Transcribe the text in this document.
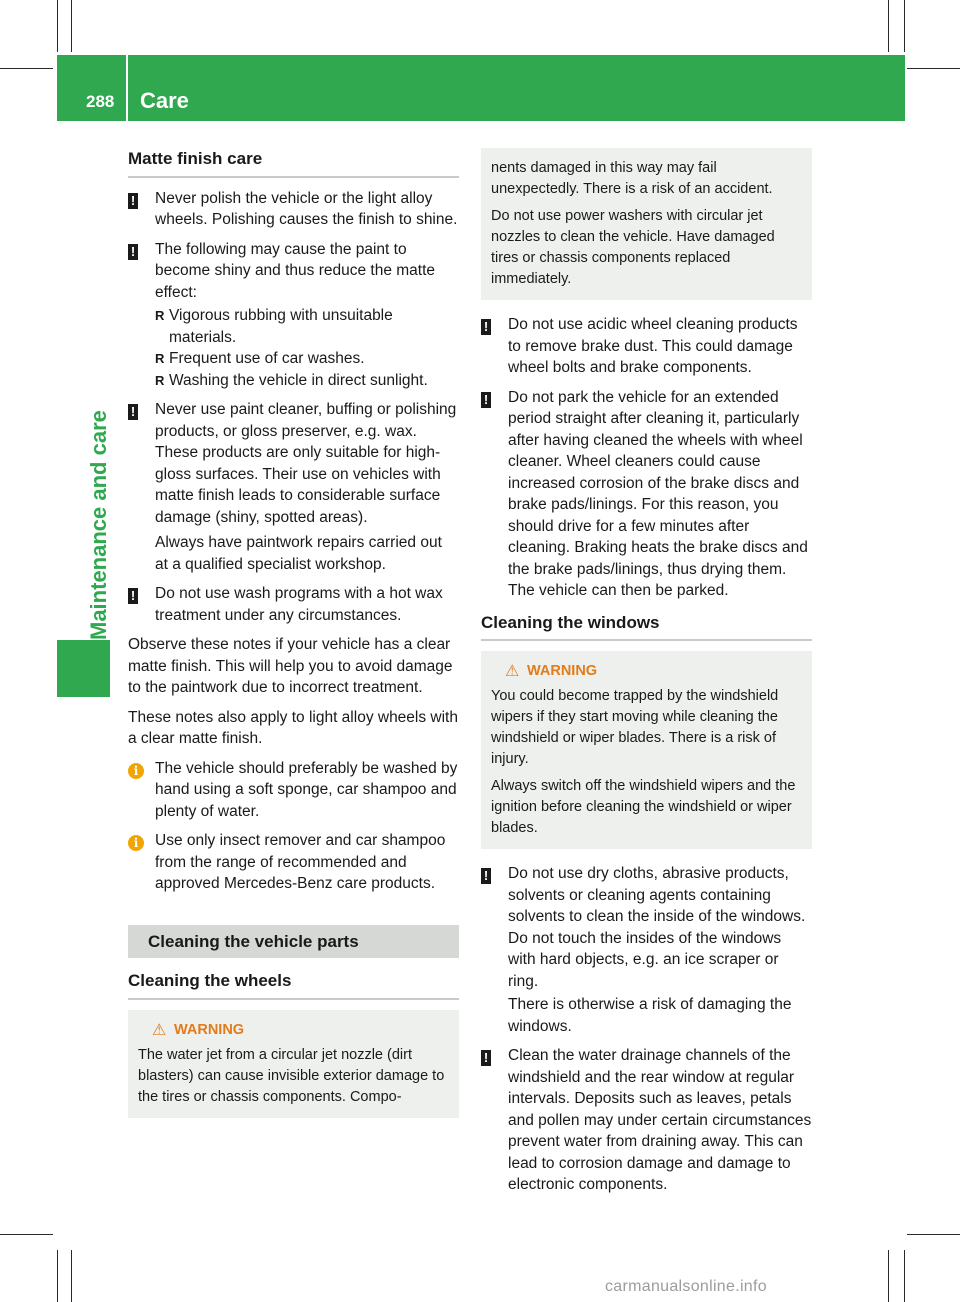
288 Care
Maintenance and care
Matte finish care
! Never polish the vehicle or the light alloy wheels. Polishing causes the finish to shine.
! The following may cause the paint to become shiny and thus reduce the matte effect:
R Vigorous rubbing with unsuitable materials.
R Frequent use of car washes.
R Washing the vehicle in direct sunlight.
! Never use paint cleaner, buffing or polishing products, or gloss preserver, e.g. wax. These products are only suitable for high-gloss surfaces. Their use on vehicles with matte finish leads to considerable surface damage (shiny, spotted areas).
Always have paintwork repairs carried out at a qualified specialist workshop.
! Do not use wash programs with a hot wax treatment under any circumstances.

Observe these notes if your vehicle has a clear matte finish. This will help you to avoid damage to the paintwork due to incorrect treatment.

These notes also apply to light alloy wheels with a clear matte finish.

i The vehicle should preferably be washed by hand using a soft sponge, car shampoo and plenty of water.
i Use only insect remover and car shampoo from the range of recommended and approved Mercedes-Benz care products.
Cleaning the vehicle parts
Cleaning the wheels
⚠ WARNING

The water jet from a circular jet nozzle (dirt blasters) can cause invisible exterior damage to the tires or chassis components. Compo-

nents damaged in this way may fail unexpectedly. There is a risk of an accident.

Do not use power washers with circular jet nozzles to clean the vehicle. Have damaged tires or chassis components replaced immediately.

! Do not use acidic wheel cleaning products to remove brake dust. This could damage wheel bolts and brake components.
! Do not park the vehicle for an extended period straight after cleaning it, particularly after having cleaned the wheels with wheel cleaner. Wheel cleaners could cause increased corrosion of the brake discs and brake pads/linings. For this reason, you should drive for a few minutes after cleaning. Braking heats the brake discs and the brake pads/linings, thus drying them. The vehicle can then be parked.
Cleaning the windows
⚠ WARNING

You could become trapped by the windshield wipers if they start moving while cleaning the windshield or wiper blades. There is a risk of injury.

Always switch off the windshield wipers and the ignition before cleaning the windshield or wiper blades.

! Do not use dry cloths, abrasive products, solvents or cleaning agents containing solvents to clean the inside of the windows. Do not touch the insides of the windows with hard objects, e.g. an ice scraper or ring.
There is otherwise a risk of damaging the windows.
! Clean the water drainage channels of the windshield and the rear window at regular intervals. Deposits such as leaves, petals and pollen may under certain circumstances prevent water from draining away. This can lead to corrosion damage and damage to electronic components.
carmanualsonline.info
